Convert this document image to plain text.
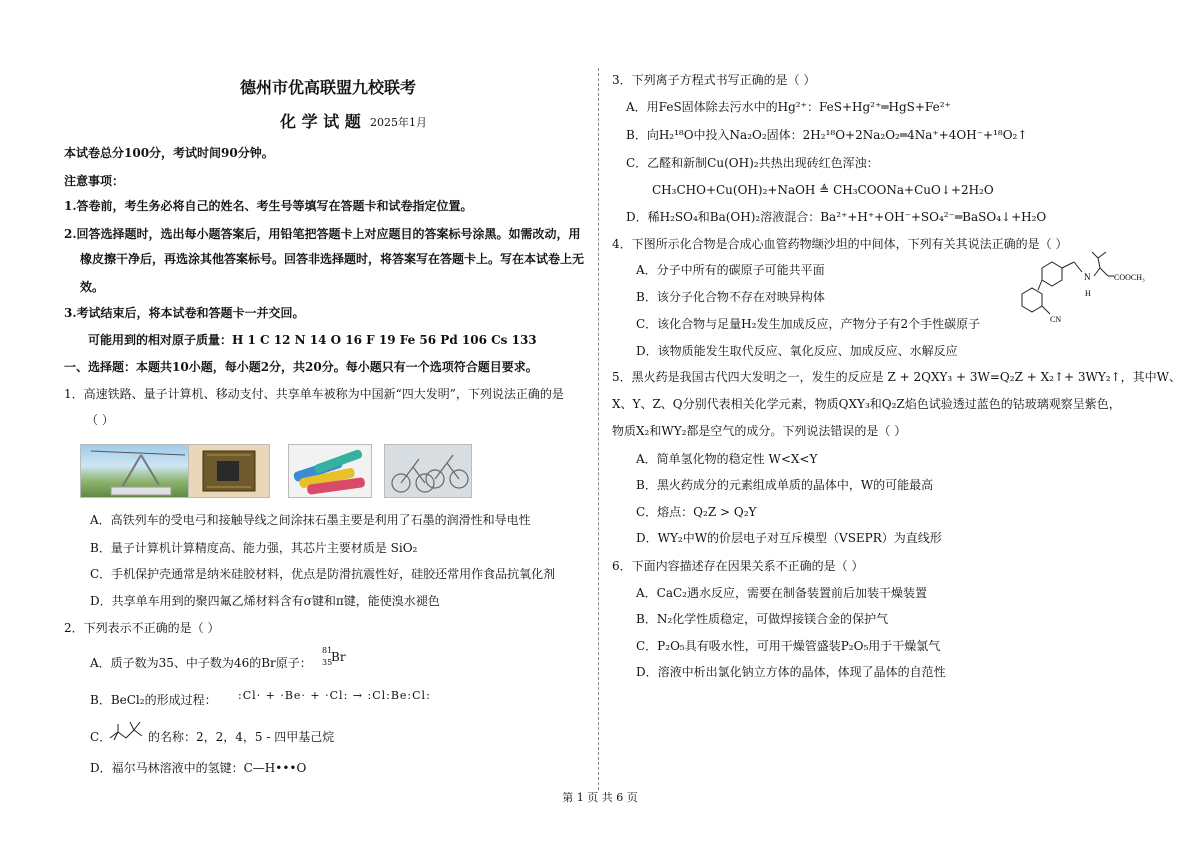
德州市优高联盟九校联考
化 学 试 题 2025年1月
本试卷总分100分，考试时间90分钟。
注意事项：
1.答卷前，考生务必将自己的姓名、考生号等填写在答题卡和试卷指定位置。
2.回答选择题时，选出每小题答案后，用铅笔把答题卡上对应题目的答案标号涂黑。如需改动，用
橡皮擦干净后，再选涂其他答案标号。回答非选择题时，将答案写在答题卡上。写在本试卷上无
效。
3.考试结束后，将本试卷和答题卡一并交回。
可能用到的相对原子质量：H 1 C 12 N 14 O 16 F 19 Fe 56 Pd 106 Cs 133
一、选择题：本题共10小题，每小题2分，共20分。每小题只有一个选项符合题目要求。
1．高速铁路、量子计算机、移动支付、共享单车被称为中国新“四大发明”，下列说法正确的是
（ ）
A．高铁列车的受电弓和接触导线之间涂抹石墨主要是利用了石墨的润滑性和导电性
B．量子计算机计算精度高、能力强，其芯片主要材质是 SiO₂
C．手机保护壳通常是纳米硅胶材料，优点是防滑抗震性好，硅胶还常用作食品抗氧化剂
D．共享单车用到的聚四氟乙烯材料含有σ键和π键，能使溴水褪色
2．下列表示不正确的是（ ）
A．质子数为35、中子数为46的Br原子：
81
35
Br
B．BeCl₂的形成过程： :Cl· + ·Be· + ·Cl: → :Cl:Be:Cl:
C．	的名称：2，2，4，5 - 四甲基己烷
D．福尔马林溶液中的氢键：C—H•••O
3．下列离子方程式书写正确的是（ ）
A．用FeS固体除去污水中的Hg²⁺：FeS+Hg²⁺═HgS+Fe²⁺
B．向H₂¹⁸O中投入Na₂O₂固体：2H₂¹⁸O+2Na₂O₂═4Na⁺+4OH⁻+¹⁸O₂↑
C．乙醛和新制Cu(OH)₂共热出现砖红色浑浊：
CH₃CHO+Cu(OH)₂+NaOH ≜ CH₃COONa+CuO↓+2H₂O
D．稀H₂SO₄和Ba(OH)₂溶液混合：Ba²⁺+H⁺+OH⁻+SO₄²⁻═BaSO₄↓+H₂O
4．下图所示化合物是合成心血管药物缬沙坦的中间体，下列有关其说法正确的是（ ）
A．分子中所有的碳原子可能共平面
B．该分子化合物不存在对映异构体
C．该化合物与足量H₂发生加成反应，产物分子有2个手性碳原子
D．该物质能发生取代反应、氧化反应、加成反应、水解反应
N
H
COOCH₃
CN
5．黑火药是我国古代四大发明之一，发生的反应是 Z + 2QXY₃ + 3W=Q₂Z + X₂↑+ 3WY₂↑，其中W、
X、Y、Z、Q分别代表相关化学元素，物质QXY₃和Q₂Z焰色试验透过蓝色的钴玻璃观察呈紫色，
物质X₂和WY₂都是空气的成分。下列说法错误的是（ ）
A．简单氢化物的稳定性 W<X<Y
B．黑火药成分的元素组成单质的晶体中，W的可能最高
C．熔点：Q₂Z > Q₂Y
D．WY₂中W的价层电子对互斥模型（VSEPR）为直线形
6．下面内容描述存在因果关系不正确的是（ ）
A．CaC₂遇水反应，需要在制备装置前后加装干燥装置
B．N₂化学性质稳定，可做焊接镁合金的保护气
C．P₂O₅具有吸水性，可用干燥管盛装P₂O₅用于干燥氯气
D．溶液中析出氯化钠立方体的晶体，体现了晶体的自范性
第 1 页 共 6 页
